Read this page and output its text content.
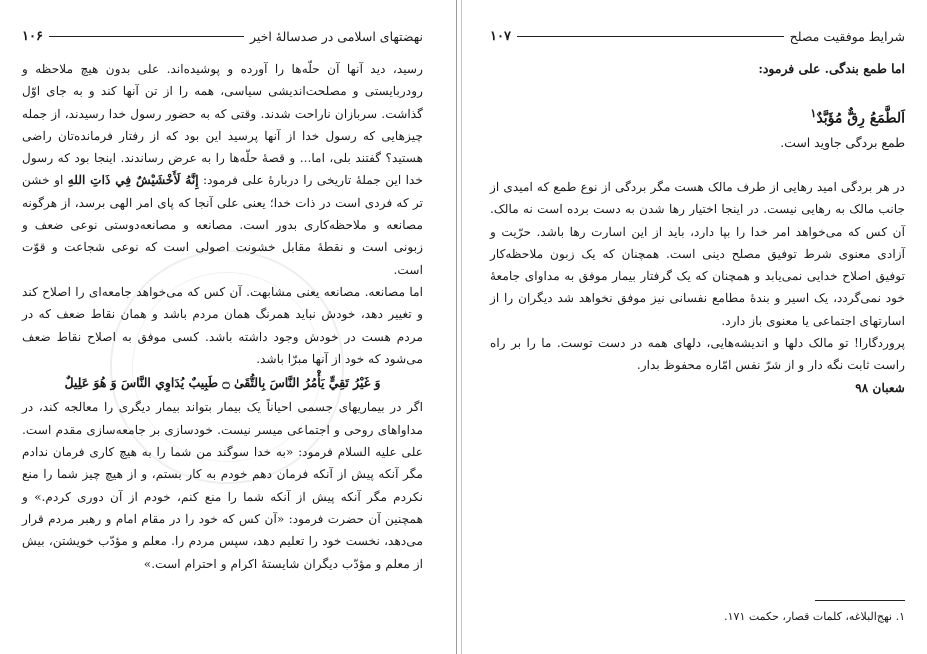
نهضتهای اسلامی در صدسالهٔ اخیر
۱۰۶

رسید، دید آنها آن حلّه‌ها را آورده و پوشیده‌اند. علی بدون هیچ ملاحظه و رودربایستی و مصلحت‌اندیشی سیاسی، همه را از تن آنها کند و به جای اوّل گذاشت. سربازان ناراحت شدند. وقتی که به حضور رسول خدا رسیدند، از جمله چیزهایی که رسول خدا از آنها پرسید این بود که از رفتار فرمانده‌تان راضی هستید؟ گفتند بلی، اما... و قصهٔ حلّه‌ها را به عرض رساندند. اینجا بود که رسول خدا این جملهٔ تاریخی را دربارهٔ علی فرمود: إِنَّهُ لَأَخْشَيْشٌ فِي ذَاتِ اللهِ او خشن تر که فردی است در ذات خدا؛ یعنی علی آنجا که پای امر الهی برسد، از هرگونه مصانعه و ملاحظه‌کاری بدور است. مصانعه و مصانعه‌دوستی نوعی ضعف و زبونی است و نقطهٔ مقابل خشونت اصولی است که نوعی شجاعت و قوّت است.

اما مصانعه. مصانعه یعنی مشابهت. آن کس که می‌خواهد جامعه‌ای را اصلاح کند و تغییر دهد، خودش نباید همرنگ همان مردم باشد و همان نقاط ضعف که در مردم هست در خودش وجود داشته باشد. کسی موفق به اصلاح نقاط ضعف می‌شود که خود از آنها مبرّا باشد.

وَ غَيْرُ تَقِيٍّ يَأْمُرُ النَّاسَ بِالتُّقَىٰ ۝ طَبِيبٌ يُدَاوِي النَّاسَ وَ هُوَ عَلِيلٌ

اگر در بیماریهای جسمی احیاناً یک بیمار بتواند بیمار دیگری را معالجه کند، در مداواهای روحی و اجتماعی میسر نیست. خودسازی بر جامعه‌سازی مقدم است. علی علیه السلام فرمود: «به خدا سوگند من شما را به هیچ کاری فرمان ندادم مگر آنکه پیش از آنکه فرمان دهم خودم به کار بستم، و از هیچ چیز شما را منع نکردم مگر آنکه پیش از آنکه شما را منع کنم، خودم از آن دوری کردم.» و همچنین آن حضرت فرمود: «آن کس که خود را در مقام امام و رهبر مردم قرار می‌دهد، نخست خود را تعلیم دهد، سپس مردم را. معلم و مؤدّب خویشتن، بیش از معلم و مؤدّب دیگران شایستهٔ اکرام و احترام است.»

شرایط موفقیت مصلح
۱۰۷
اما طمع بندگی. علی فرمود:
اَلطَّمَعُ رِقٌّ مُؤَبَّدٌ$^۱$
طمع بردگی جاوید است.

در هر بردگی امید رهایی از طرف مالک هست مگر بردگی از نوع طمع که امیدی از جانب مالک به رهایی نیست. در اینجا اختیار رها شدن به دست برده است نه مالک. آن کس که می‌خواهد امر خدا را بپا دارد، باید از این اسارت رها باشد. حرّیت و آزادی معنوی شرط توفیق مصلح دینی است. همچنان که یک زبون ملاحظه‌کار توفیق اصلاح خدایی نمی‌یابد و همچنان که یک گرفتار بیمار موفق به مداوای جامعهٔ خود نمی‌گردد، یک اسیر و بندهٔ مطامع نفسانی نیز موفق نخواهد شد دیگران را از اسارتهای اجتماعی یا معنوی باز دارد.

پروردگارا! تو مالک دلها و اندیشه‌هایی، دلهای همه در دست توست. ما را بر راه راست ثابت نگه دار و از شرّ نفس امّاره محفوظ بدار.

شعبان ۹۸

۱. نهج‌البلاغه، کلمات قصار، حکمت ۱۷۱.
